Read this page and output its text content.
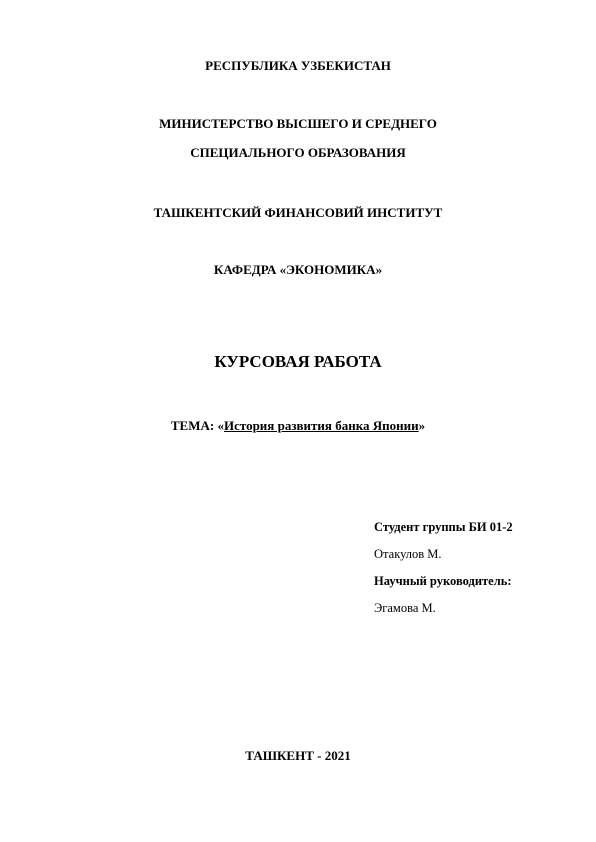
РЕСПУБЛИКА УЗБЕКИСТАН
МИНИСТЕРСТВО ВЫСШЕГО И СРЕДНЕГО
СПЕЦИАЛЬНОГО ОБРАЗОВАНИЯ
ТАШКЕНТСКИЙ ФИНАНСОВИЙ ИНСТИТУТ
КАФЕДРА «ЭКОНОМИКА»
КУРСОВАЯ РАБОТА
ТЕМА: «История развития банка Японии»
Студент группы БИ 01-2
Отакулов М.
Научный руководитель:
Эгамова М.
ТАШКЕНТ - 2021
